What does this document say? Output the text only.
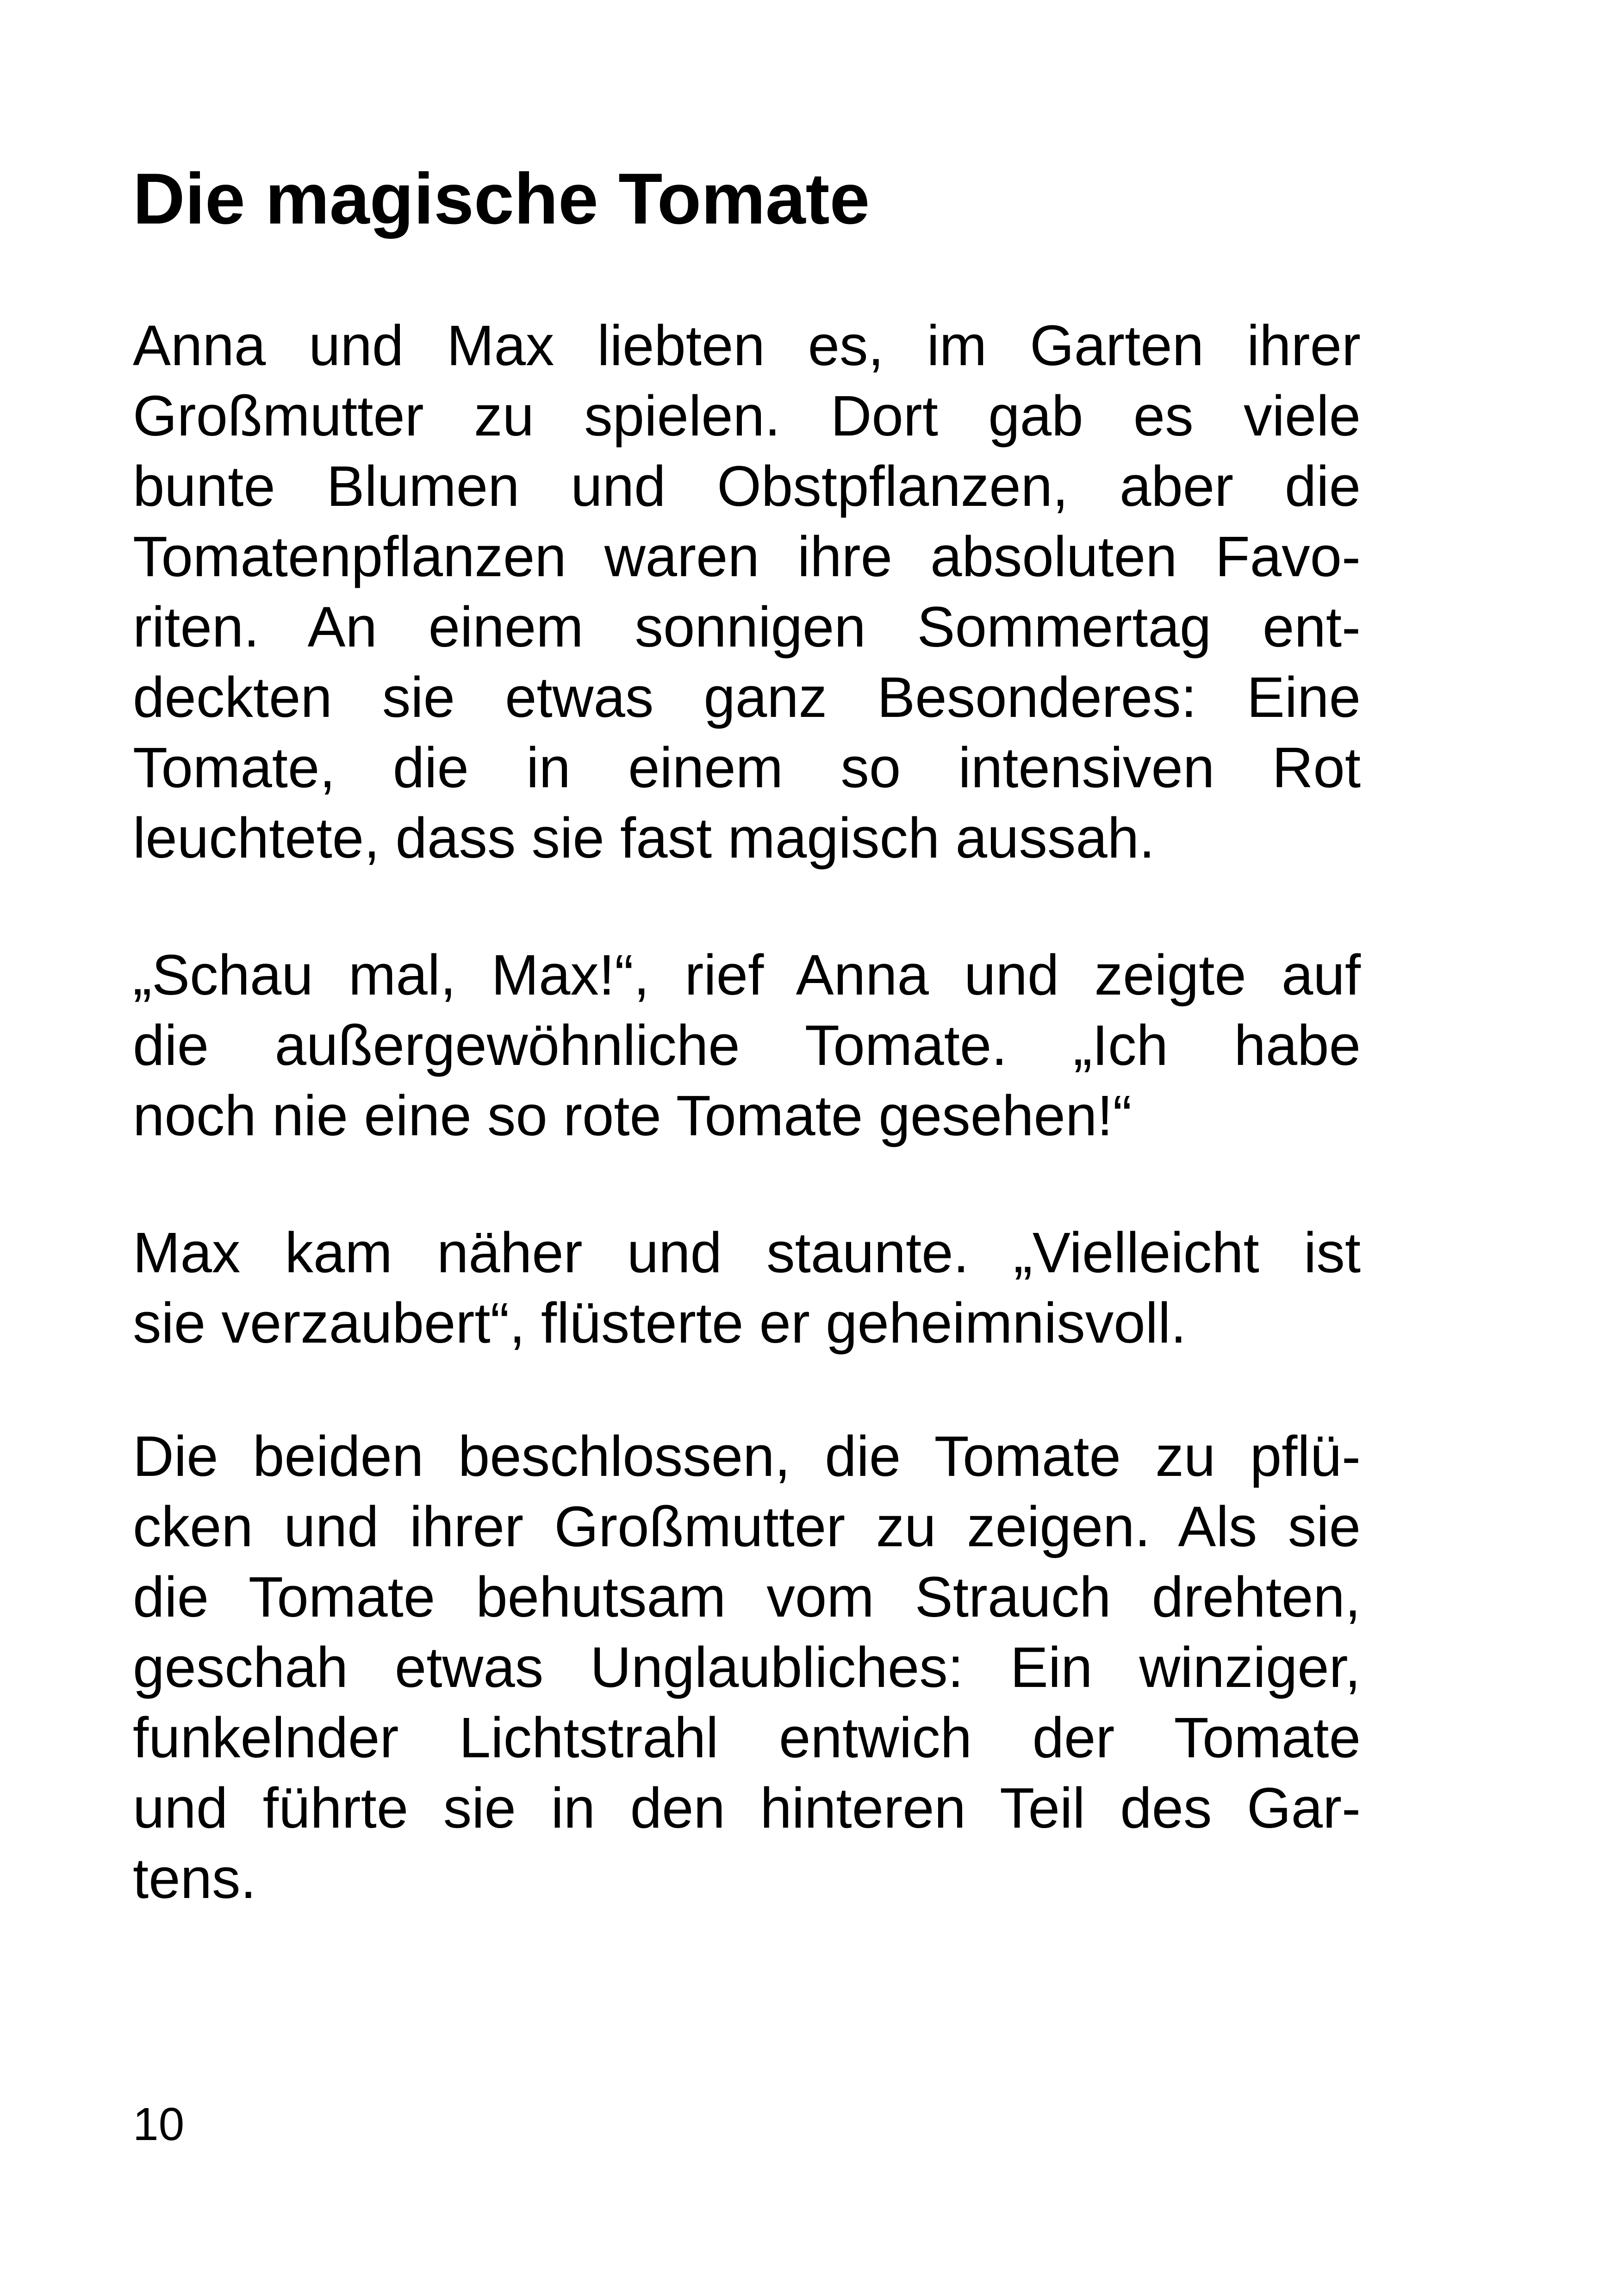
Die magische Tomate
Anna und Max liebten es, im Garten ihrer
Großmutter zu spielen. Dort gab es viele
bunte Blumen und Obstpflanzen, aber die
Tomatenpflanzen waren ihre absoluten Favo-
riten. An einem sonnigen Sommertag ent-
deckten sie etwas ganz Besonderes: Eine
Tomate, die in einem so intensiven Rot
leuchtete, dass sie fast magisch aussah.
„Schau mal, Max!“, rief Anna und zeigte auf
die außergewöhnliche Tomate. „Ich habe
noch nie eine so rote Tomate gesehen!“
Max kam näher und staunte. „Vielleicht ist
sie verzaubert“, flüsterte er geheimnisvoll.
Die beiden beschlossen, die Tomate zu pflü-
cken und ihrer Großmutter zu zeigen. Als sie
die Tomate behutsam vom Strauch drehten,
geschah etwas Unglaubliches: Ein winziger,
funkelnder Lichtstrahl entwich der Tomate
und führte sie in den hinteren Teil des Gar-
tens.
10
